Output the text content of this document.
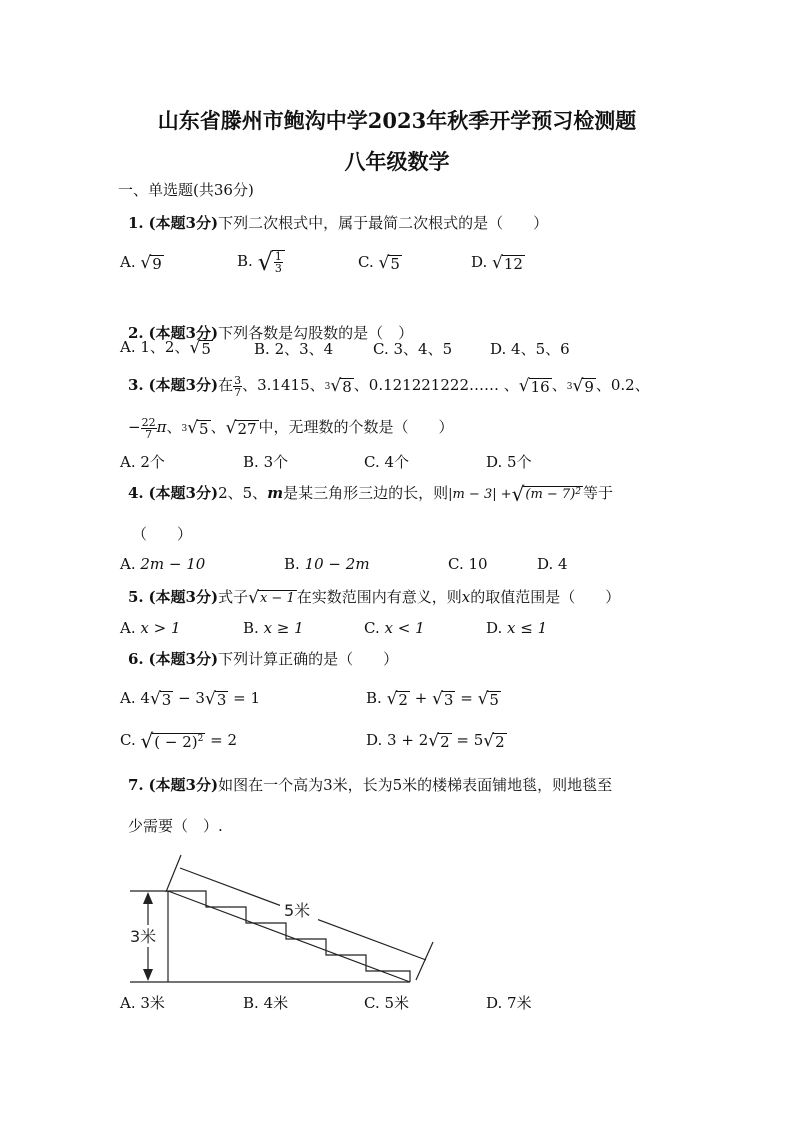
山东省滕州市鲍沟中学2023年秋季开学预习检测题
八年级数学
一、单选题(共36分)
1. (本题3分)下列二次根式中，属于最简二次根式的是（　　）
A. √ 9	B. √ $\frac{1}{3}$	C. √ 5	D. √ 12
2. (本题3分)下列各数是勾股数的是（　）
A. 1、2、 √ 5	B. 2、3、4	C. 3、4、5	D. 4、5、6
3. (本题3分)在 $\frac{3}{7}$ 、3.1415、 3 √ 8 、0.121221222…… 、 √ 16 、 3 √ 9 、0.2、
− $\frac{22}{7}$ π、 3 √ 5 、 √ 27 中，无理数的个数是（　　）
A. 2个	B. 3个	C. 4个	D. 5个
4. (本题3分)2、5、m是某三角形三边的长，则|m − 3| + √ $(m - 7)^2$ 等于
（　　）
A. 2m − 10	B. 10 − 2m	C. 10	D. 4
5. (本题3分)式子 √ x − 1 在实数范围内有意义，则x的取值范围是（　　）
A. x > 1	B. x ≥ 1	C. x < 1	D. x ≤ 1
6. (本题3分)下列计算正确的是（　　）
A. 4 √ 3 − 3 √ 3 = 1	B. √ 2 + √ 3 = √ 5
C. √ ( − 2)$^2$ = 2	D. 3 + 2 √ 2 = 5 √ 2
7. (本题3分)如图在一个高为3米，长为5米的楼梯表面铺地毯，则地毯至
少需要（　）.
3米
5米
A. 3米	B. 4米	C. 5米	D. 7米
